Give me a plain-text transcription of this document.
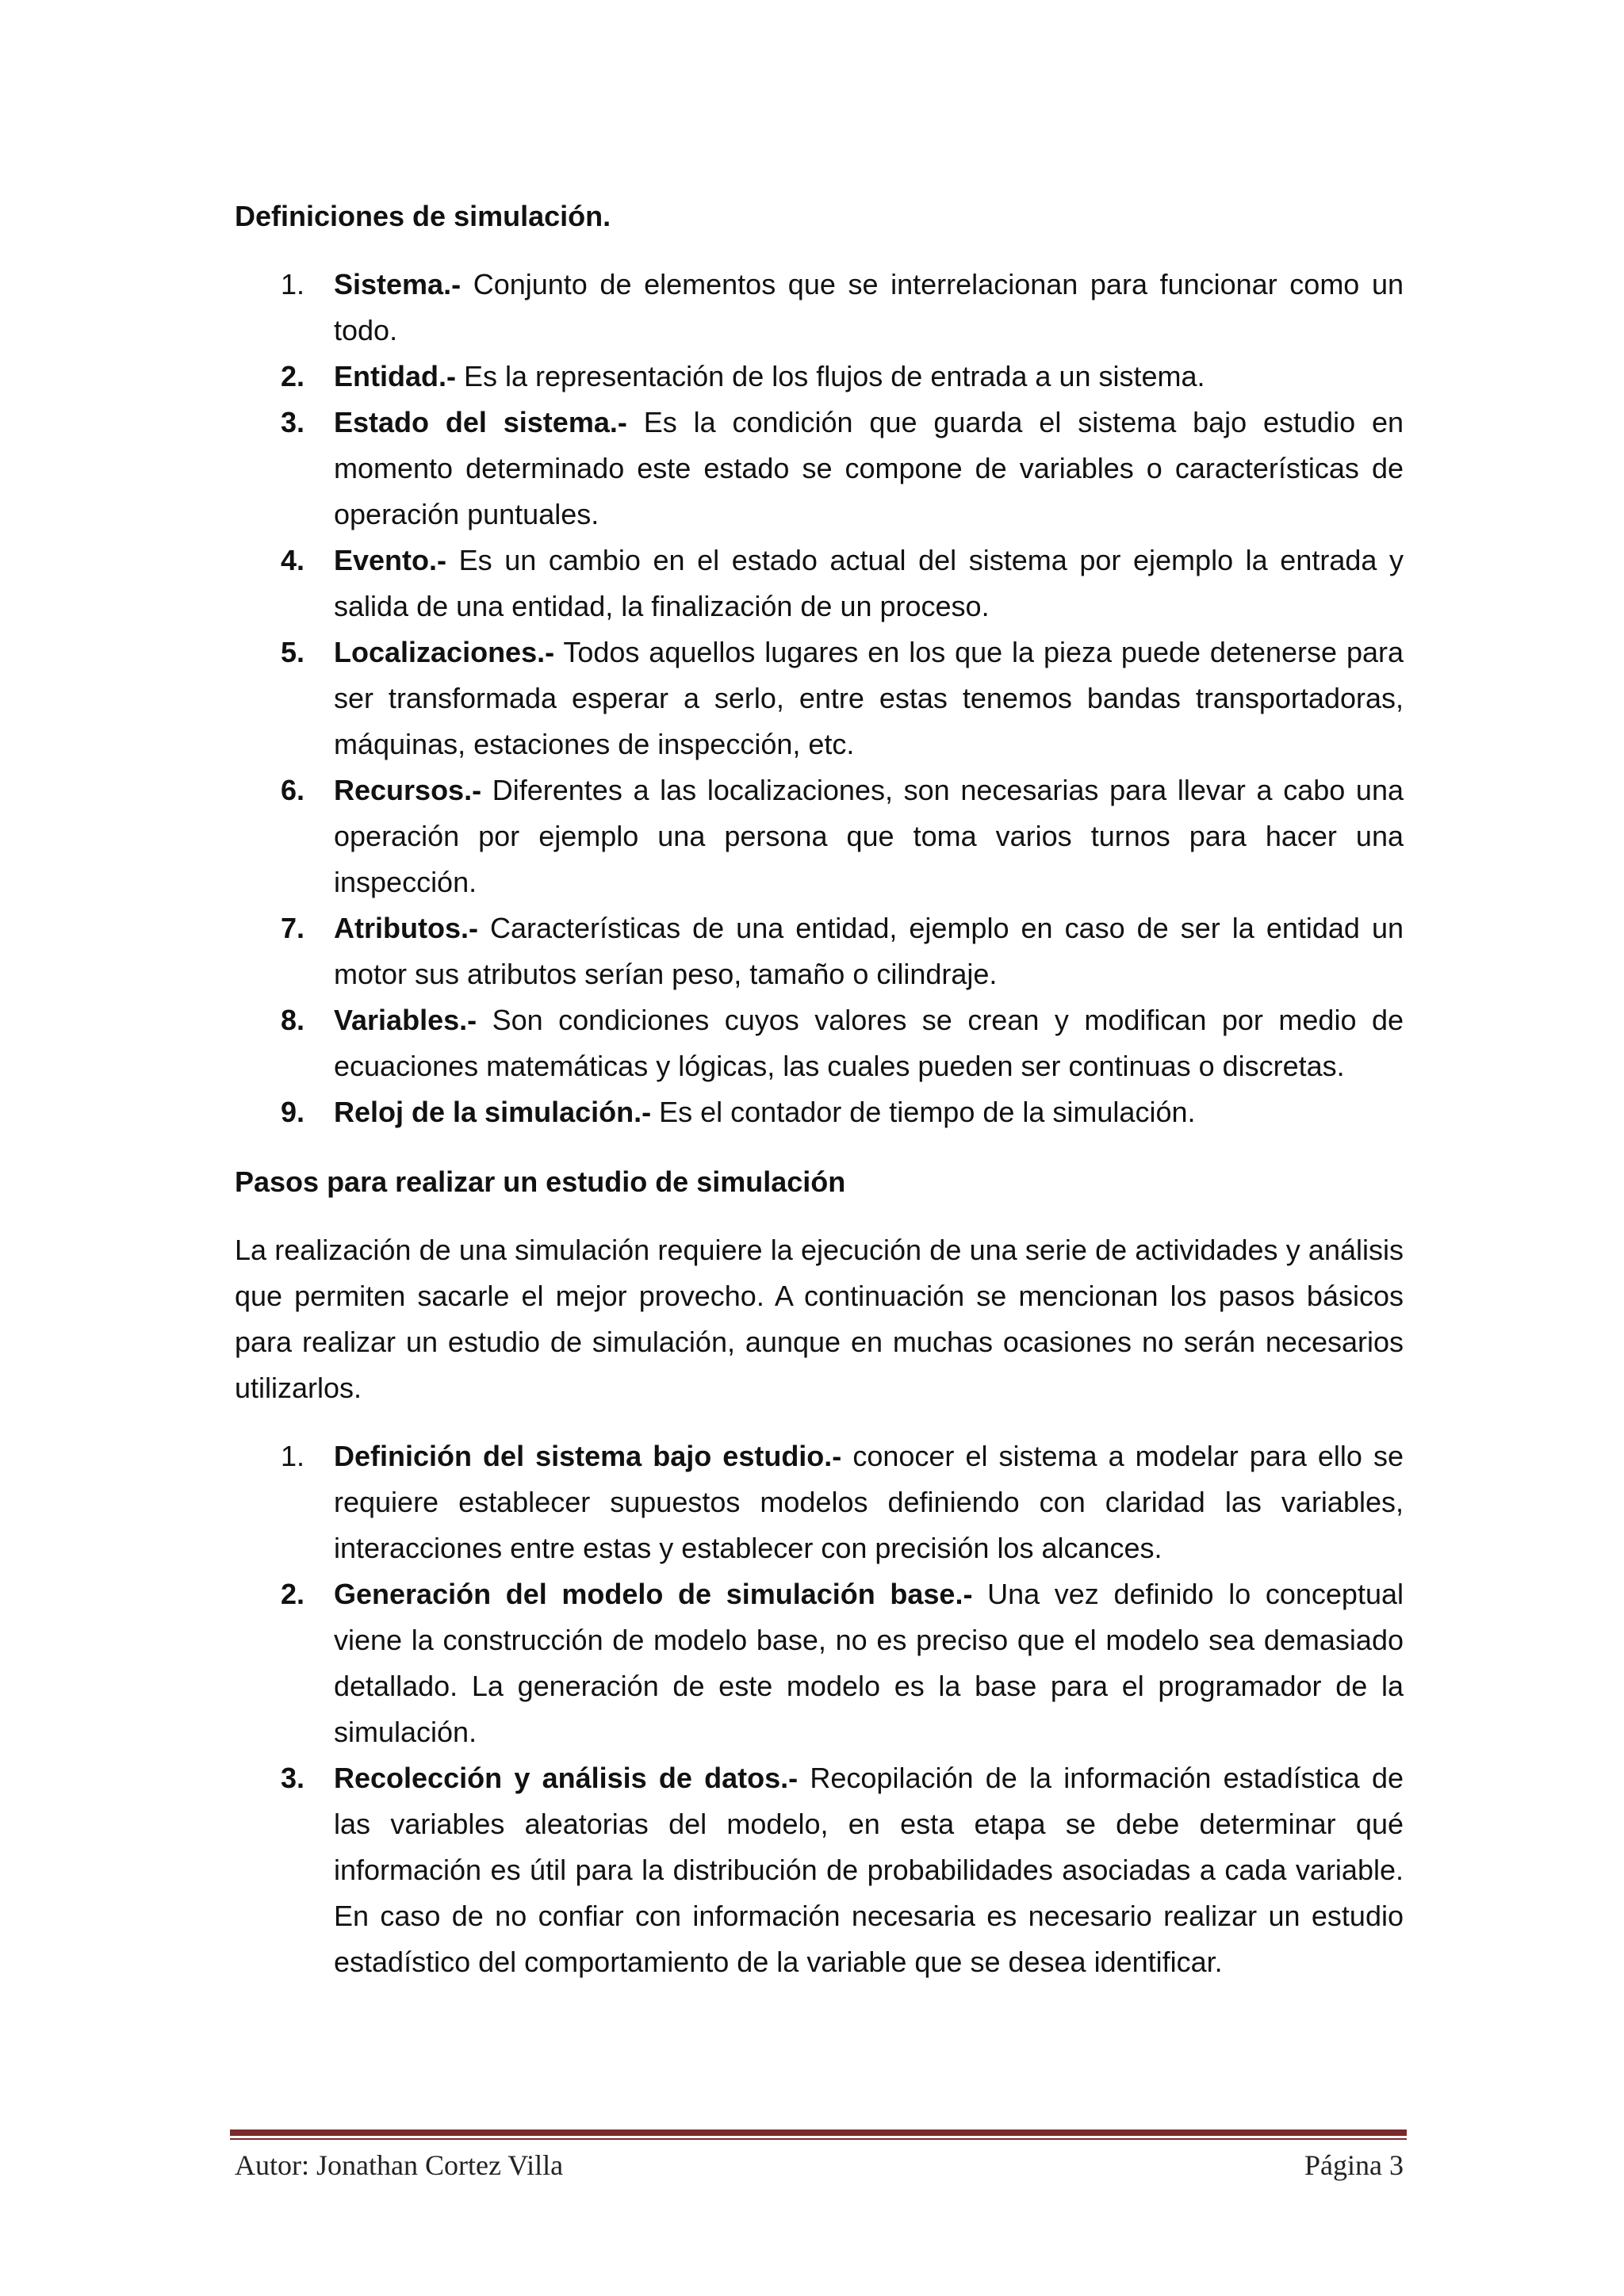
Definiciones de simulación.
1.	Sistema.- Conjunto de elementos que se interrelacionan para funcionar como un todo.
2.	Entidad.- Es la representación de los flujos de entrada a un sistema.
3.	Estado del sistema.- Es la condición que guarda el sistema bajo estudio en momento determinado este estado se compone de variables o características de operación puntuales.
4.	Evento.- Es un cambio en el estado actual del sistema por ejemplo la entrada y salida de una entidad, la finalización de un proceso.
5.	Localizaciones.- Todos aquellos lugares en los que la pieza puede detenerse para ser transformada esperar a serlo, entre estas tenemos bandas transportadoras, máquinas, estaciones de inspección, etc.
6.	Recursos.- Diferentes a las localizaciones, son necesarias para llevar a cabo una operación por ejemplo una persona que toma varios turnos para hacer una inspección.
7.	Atributos.- Características de una entidad, ejemplo en caso de ser la entidad un motor sus atributos serían peso, tamaño o cilindraje.
8.	Variables.- Son condiciones cuyos valores se crean y modifican por medio de ecuaciones matemáticas y lógicas, las cuales pueden ser continuas o discretas.
9.	Reloj de la simulación.- Es el contador de tiempo de la simulación.
Pasos para realizar un estudio de simulación

La realización de una simulación requiere la ejecución de una serie de actividades y análisis que permiten sacarle el mejor provecho. A continuación se mencionan los pasos básicos para realizar un estudio de simulación, aunque en muchas ocasiones no serán necesarios utilizarlos.

1.	Definición del sistema bajo estudio.- conocer el sistema a modelar para ello se requiere establecer supuestos modelos definiendo con claridad las variables, interacciones entre estas y establecer con precisión los alcances.
2.	Generación del modelo de simulación base.- Una vez definido lo conceptual viene la construcción de modelo base, no es preciso que el modelo sea demasiado detallado. La generación de este modelo es la base para el programador de la simulación.
3.	Recolección y análisis de datos.- Recopilación de la información estadística de las variables aleatorias del modelo, en esta etapa se debe determinar qué información es útil para la distribución de probabilidades asociadas a cada variable. En caso de no confiar con información necesaria es necesario realizar un estudio estadístico del comportamiento de la variable que se desea identificar.
Autor: Jonathan Cortez Villa	Página 3
